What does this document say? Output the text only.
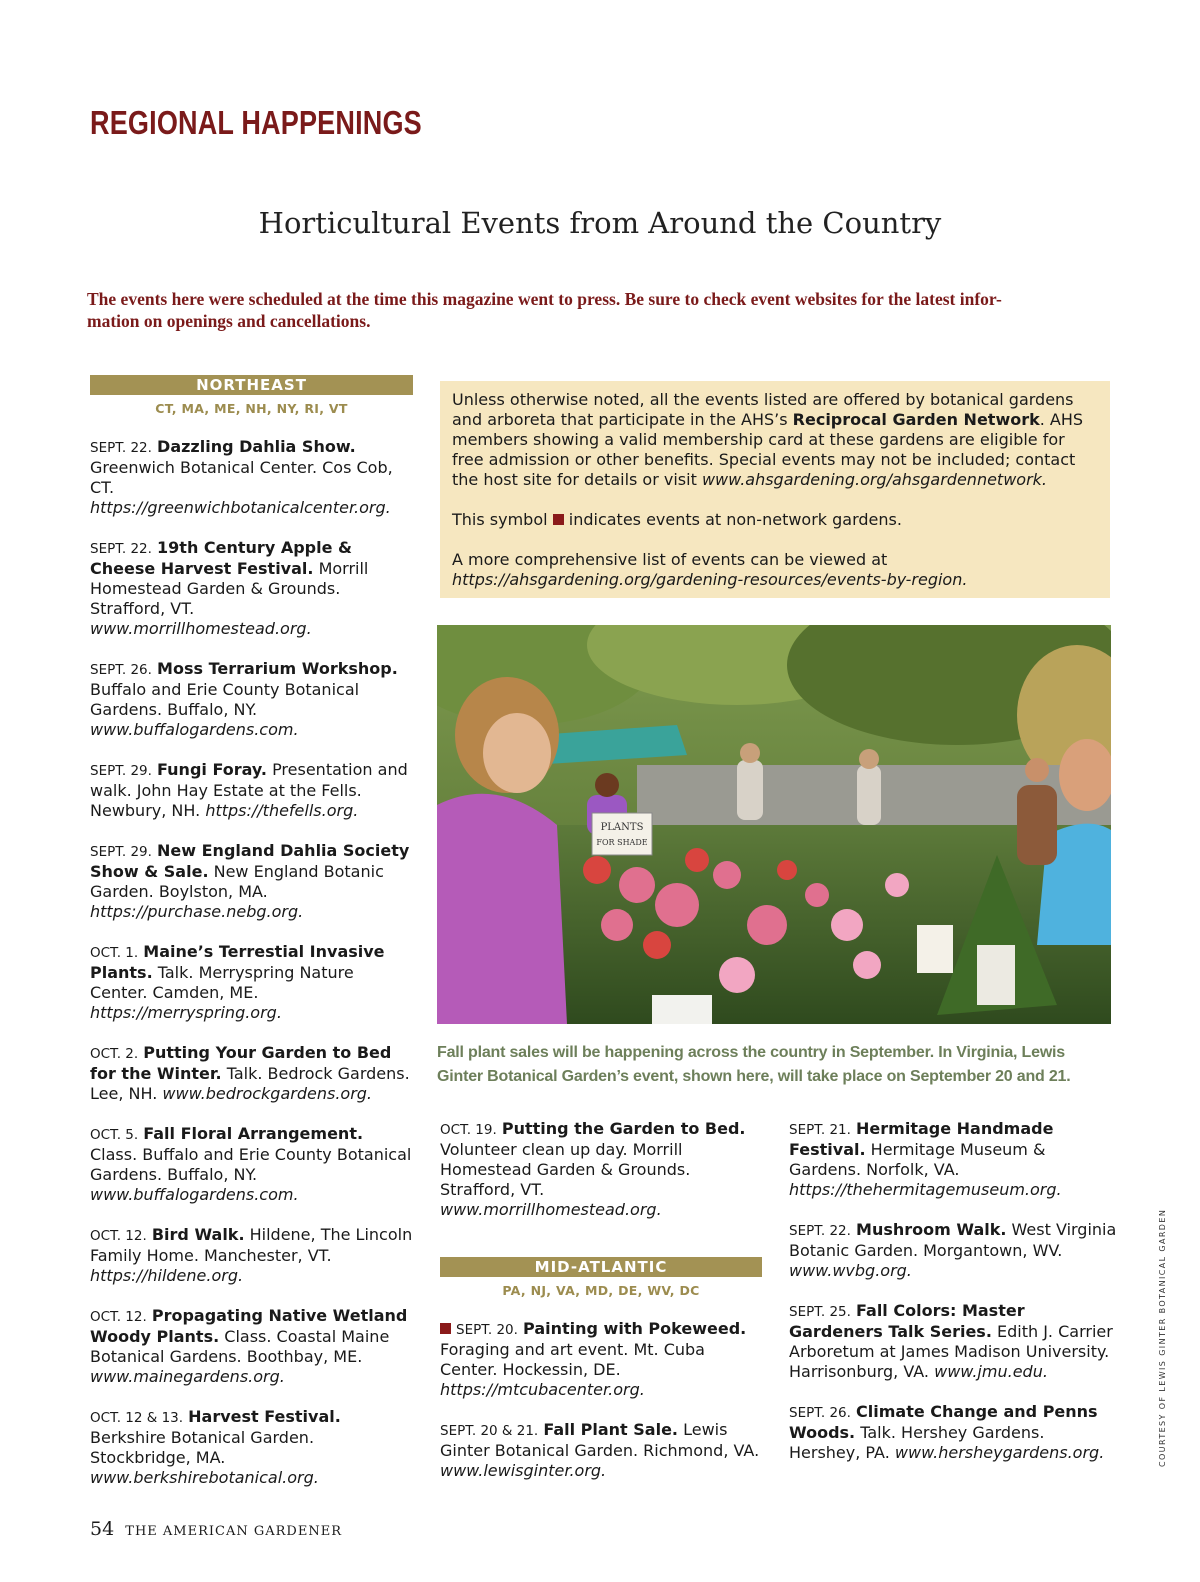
REGIONAL HAPPENINGS
Horticultural Events from Around the Country
The events here were scheduled at the time this magazine went to press. Be sure to check event websites for the latest infor-
mation on openings and cancellations.
NORTHEAST
CT, MA, ME, NH, NY, RI, VT
SEPT. 22. Dazzling Dahlia Show. Greenwich Botanical Center. Cos Cob, CT. https://greenwichbotanicalcenter.org.
SEPT. 22. 19th Century Apple & Cheese Harvest Festival. Morrill Homestead Garden & Grounds. Strafford, VT. www.morrillhomestead.org.
SEPT. 26. Moss Terrarium Workshop. Buffalo and Erie County Botanical Gardens. Buffalo, NY. www.buffalogardens.com.
SEPT. 29. Fungi Foray. Presentation and walk. John Hay Estate at the Fells. Newbury, NH. https://thefells.org.
SEPT. 29. New England Dahlia Society Show & Sale. New England Botanic Garden. Boylston, MA. https://purchase.nebg.org.
OCT. 1. Maine’s Terrestial Invasive Plants. Talk. Merryspring Nature Center. Camden, ME. https://merryspring.org.
OCT. 2. Putting Your Garden to Bed for the Winter. Talk. Bedrock Gardens. Lee, NH. www.bedrockgardens.org.
OCT. 5. Fall Floral Arrangement. Class. Buffalo and Erie County Botanical Gardens. Buffalo, NY. www.buffalogardens.com.
OCT. 12. Bird Walk. Hildene, The Lincoln Family Home. Manchester, VT. https://hildene.org.
OCT. 12. Propagating Native Wetland Woody Plants. Class. Coastal Maine Botanical Gardens. Boothbay, ME. www.mainegardens.org.
OCT. 12 & 13. Harvest Festival. Berkshire Botanical Garden. Stockbridge, MA. www.berkshirebotanical.org.

Unless otherwise noted, all the events listed are offered by botanical gardens and arboreta that participate in the AHS’s Reciprocal Garden Network. AHS members showing a valid membership card at these gardens are eligible for free admission or other benefits. Special events may not be included; contact the host site for details or visit www.ahsgardening.org/ahsgardennetwork.

This symbol indicates events at non-network gardens.

A more comprehensive list of events can be viewed at https://ahsgardening.org/gardening-resources/events-by-region.

PLANTS
FOR SHADE
Fall plant sales will be happening across the country in September. In Virginia, Lewis
Ginter Botanical Garden’s event, shown here, will take place on September 20 and 21.
OCT. 19. Putting the Garden to Bed. Volunteer clean up day. Morrill Homestead Garden & Grounds. Strafford, VT. www.morrillhomestead.org.
MID-ATLANTIC
PA, NJ, VA, MD, DE, WV, DC
SEPT. 20. Painting with Pokeweed. Foraging and art event. Mt. Cuba Center. Hockessin, DE. https://mtcubacenter.org.
SEPT. 20 & 21. Fall Plant Sale. Lewis Ginter Botanical Garden. Richmond, VA. www.lewisginter.org.
SEPT. 21. Hermitage Handmade Festival. Hermitage Museum & Gardens. Norfolk, VA. https://thehermitagemuseum.org.
SEPT. 22. Mushroom Walk. West Virginia Botanic Garden. Morgantown, WV. www.wvbg.org.
SEPT. 25. Fall Colors: Master Gardeners Talk Series. Edith J. Carrier Arboretum at James Madison University. Harrisonburg, VA. www.jmu.edu.
SEPT. 26. Climate Change and Penns Woods. Talk. Hershey Gardens. Hershey, PA. www.hersheygardens.org.	COURTESY OF LEWIS GINTER BOTANICAL GARDEN
54 THE AMERICAN GARDENER
